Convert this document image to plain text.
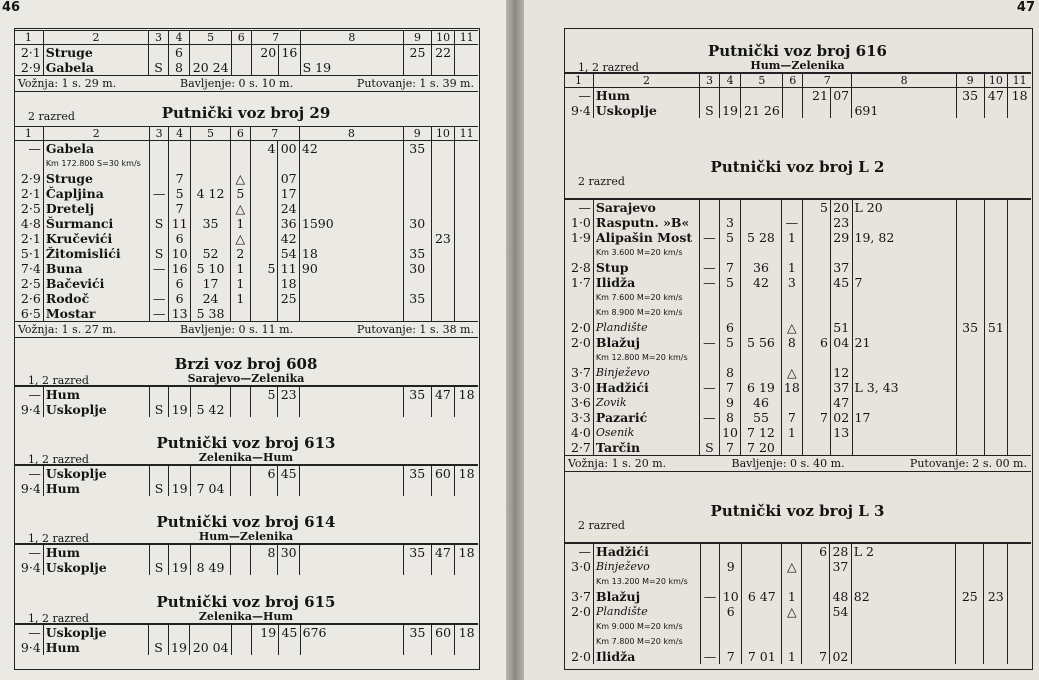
46
1	2	3	4	5	6	7		8	9	10	11
2·1	Struge		6			20	16		25	22	
2·9	Gabela	S	8	20 24				S 19			
Vožnja: 1 s. 29 m.	Bavljenje: 0 s. 10 m.	Putovanje: 1 s. 39 m.
2 razred	Putnički voz broj 29
1	2	3	4	5	6	7		8	9	10	11
—	Gabela					4	00	42	35		
	Km 172.800 S=30 km/s										
2·9	Struge		7		△		07				
2·1	Čapljina	—	5	4 12	5		17				
2·5	Dretelj		7		△		24				
4·8	Šurmanci	S	11	35	1		36	1590	30		
2·1	Kručevići		6		△		42			23	
5·1	Žitomislići	S	10	52	2		54	18	35		
7·4	Buna	—	16	5 10	1	5	11	90	30		
2·5	Bačevići		6	17	1		18				
2·6	Rodoč	—	6	24	1		25		35		
6·5	Mostar	—	13	5 38							
Vožnja: 1 s. 27 m.	Bavljenje: 0 s. 11 m.	Putovanje: 1 s. 38 m.
Brzi voz broj 608
Sarajevo—Zelenika
1, 2 razred
—	Hum					5	23		35	47	18
9·4	Uskoplje	S	19	5 42							
Putnički voz broj 613
Zelenika—Hum
1, 2 razred
—	Uskoplje					6	45		35	60	18
9·4	Hum	S	19	7 04							
Putnički voz broj 614
Hum—Zelenika
1, 2 razred
—	Hum					8	30		35	47	18
9·4	Uskoplje	S	19	8 49							
Putnički voz broj 615
Zelenika—Hum
1, 2 razred
—	Uskoplje					19	45	676	35	60	18
9·4	Hum	S	19	20 04							
47
Putnički voz broj 616
Hum—Zelenika
1, 2 razred
1	2	3	4	5	6	7		8	9	10	11
—	Hum					21	07		35	47	18
9·4	Uskoplje	S	19	21 26				691			
Putnički voz broj L 2
2 razred
—	Sarajevo					5	20	L 20			
1·0	Rasputn. »B«		3		—		23				
1·9	Alipašin Most	—	5	5 28	1		29	19, 82			
	Km 3.600 M=20 km/s										
2·8	Stup	—	7	36	1		37				
1·7	Ilidža	—	5	42	3		45	7			
	Km 7.600 M=20 km/s										
	Km 8.900 M=20 km/s										
2·0	Plandište		6		△		51		35	51	
2·0	Blažuj	—	5	5 56	8	6	04	21			
	Km 12.800 M=20 km/s										
3·7	Binježevo		8		△		12				
3·0	Hadžići	—	7	6 19	18		37	L 3, 43			
3·6	Zovik		9	46			47				
3·3	Pazarić	—	8	55	7	7	02	17			
4·0	Osenik		10	7 12	1		13				
2·7	Tarčin	S	7	7 20							
Vožnja: 1 s. 20 m.	Bavljenje: 0 s. 40 m.	Putovanje: 2 s. 00 m.
Putnički voz broj L 3
2 razred
—	Hadžići					6	28	L 2			
3·0	Binježevo		9		△		37				
	Km 13.200 M=20 km/s										
3·7	Blažuj	—	10	6 47	1		48	82	25	23	
2·0	Plandište		6		△		54				
	Km 9.000 M=20 km/s										
	Km 7.800 M=20 km/s										
2·0	Ilidža	—	7	7 01	1	7	02				
